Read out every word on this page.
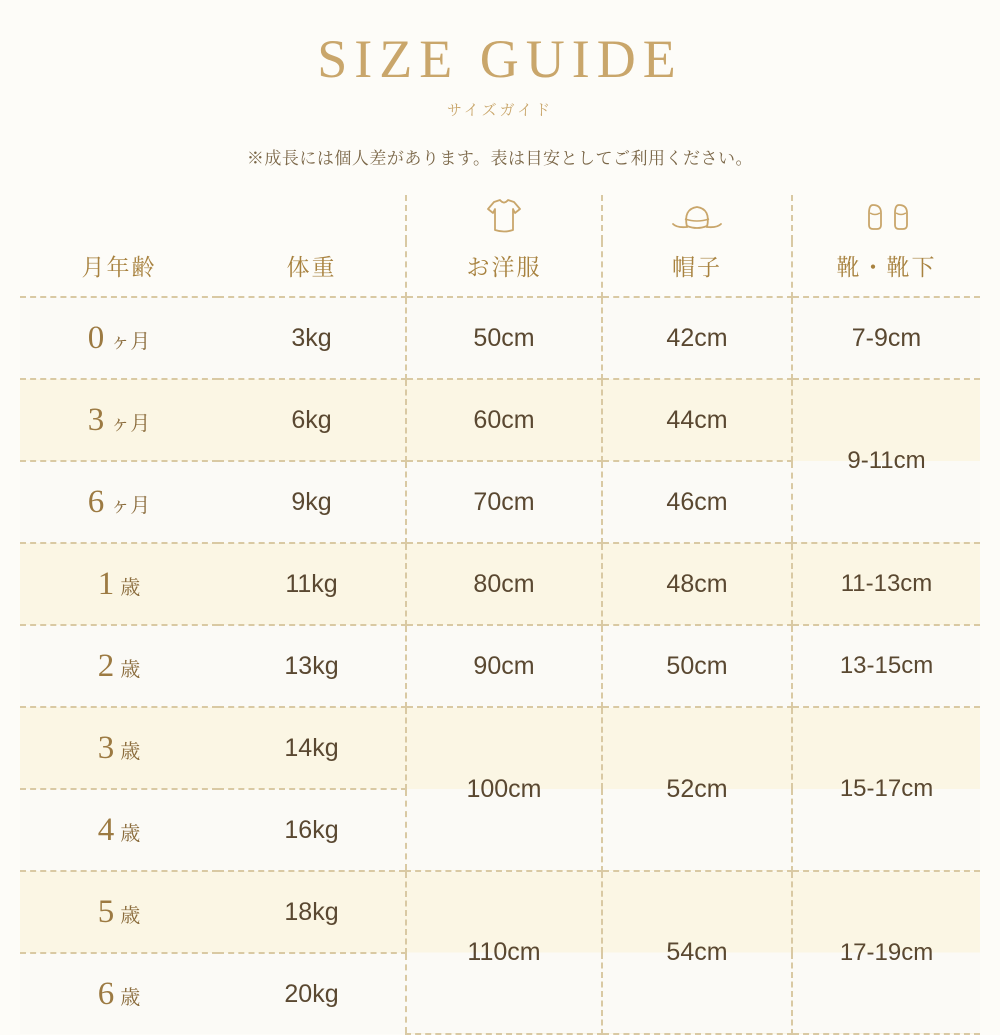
SIZE GUIDE
サイズガイド
※成長には個人差があります。表は目安としてご利用ください。

月年齢	体重	お洋服	帽子	靴・靴下
0 ヶ月	3kg	50cm	42cm	7-9cm
3 ヶ月	6kg	60cm	44cm	9-11cm
6 ヶ月	9kg	70cm	46cm	
1 歳	11kg	80cm	48cm	11-13cm
2 歳	13kg	90cm	50cm	13-15cm
3 歳	14kg	100cm	52cm	15-17cm
4 歳	16kg			
5 歳	18kg	110cm	54cm	17-19cm
6 歳	20kg			
